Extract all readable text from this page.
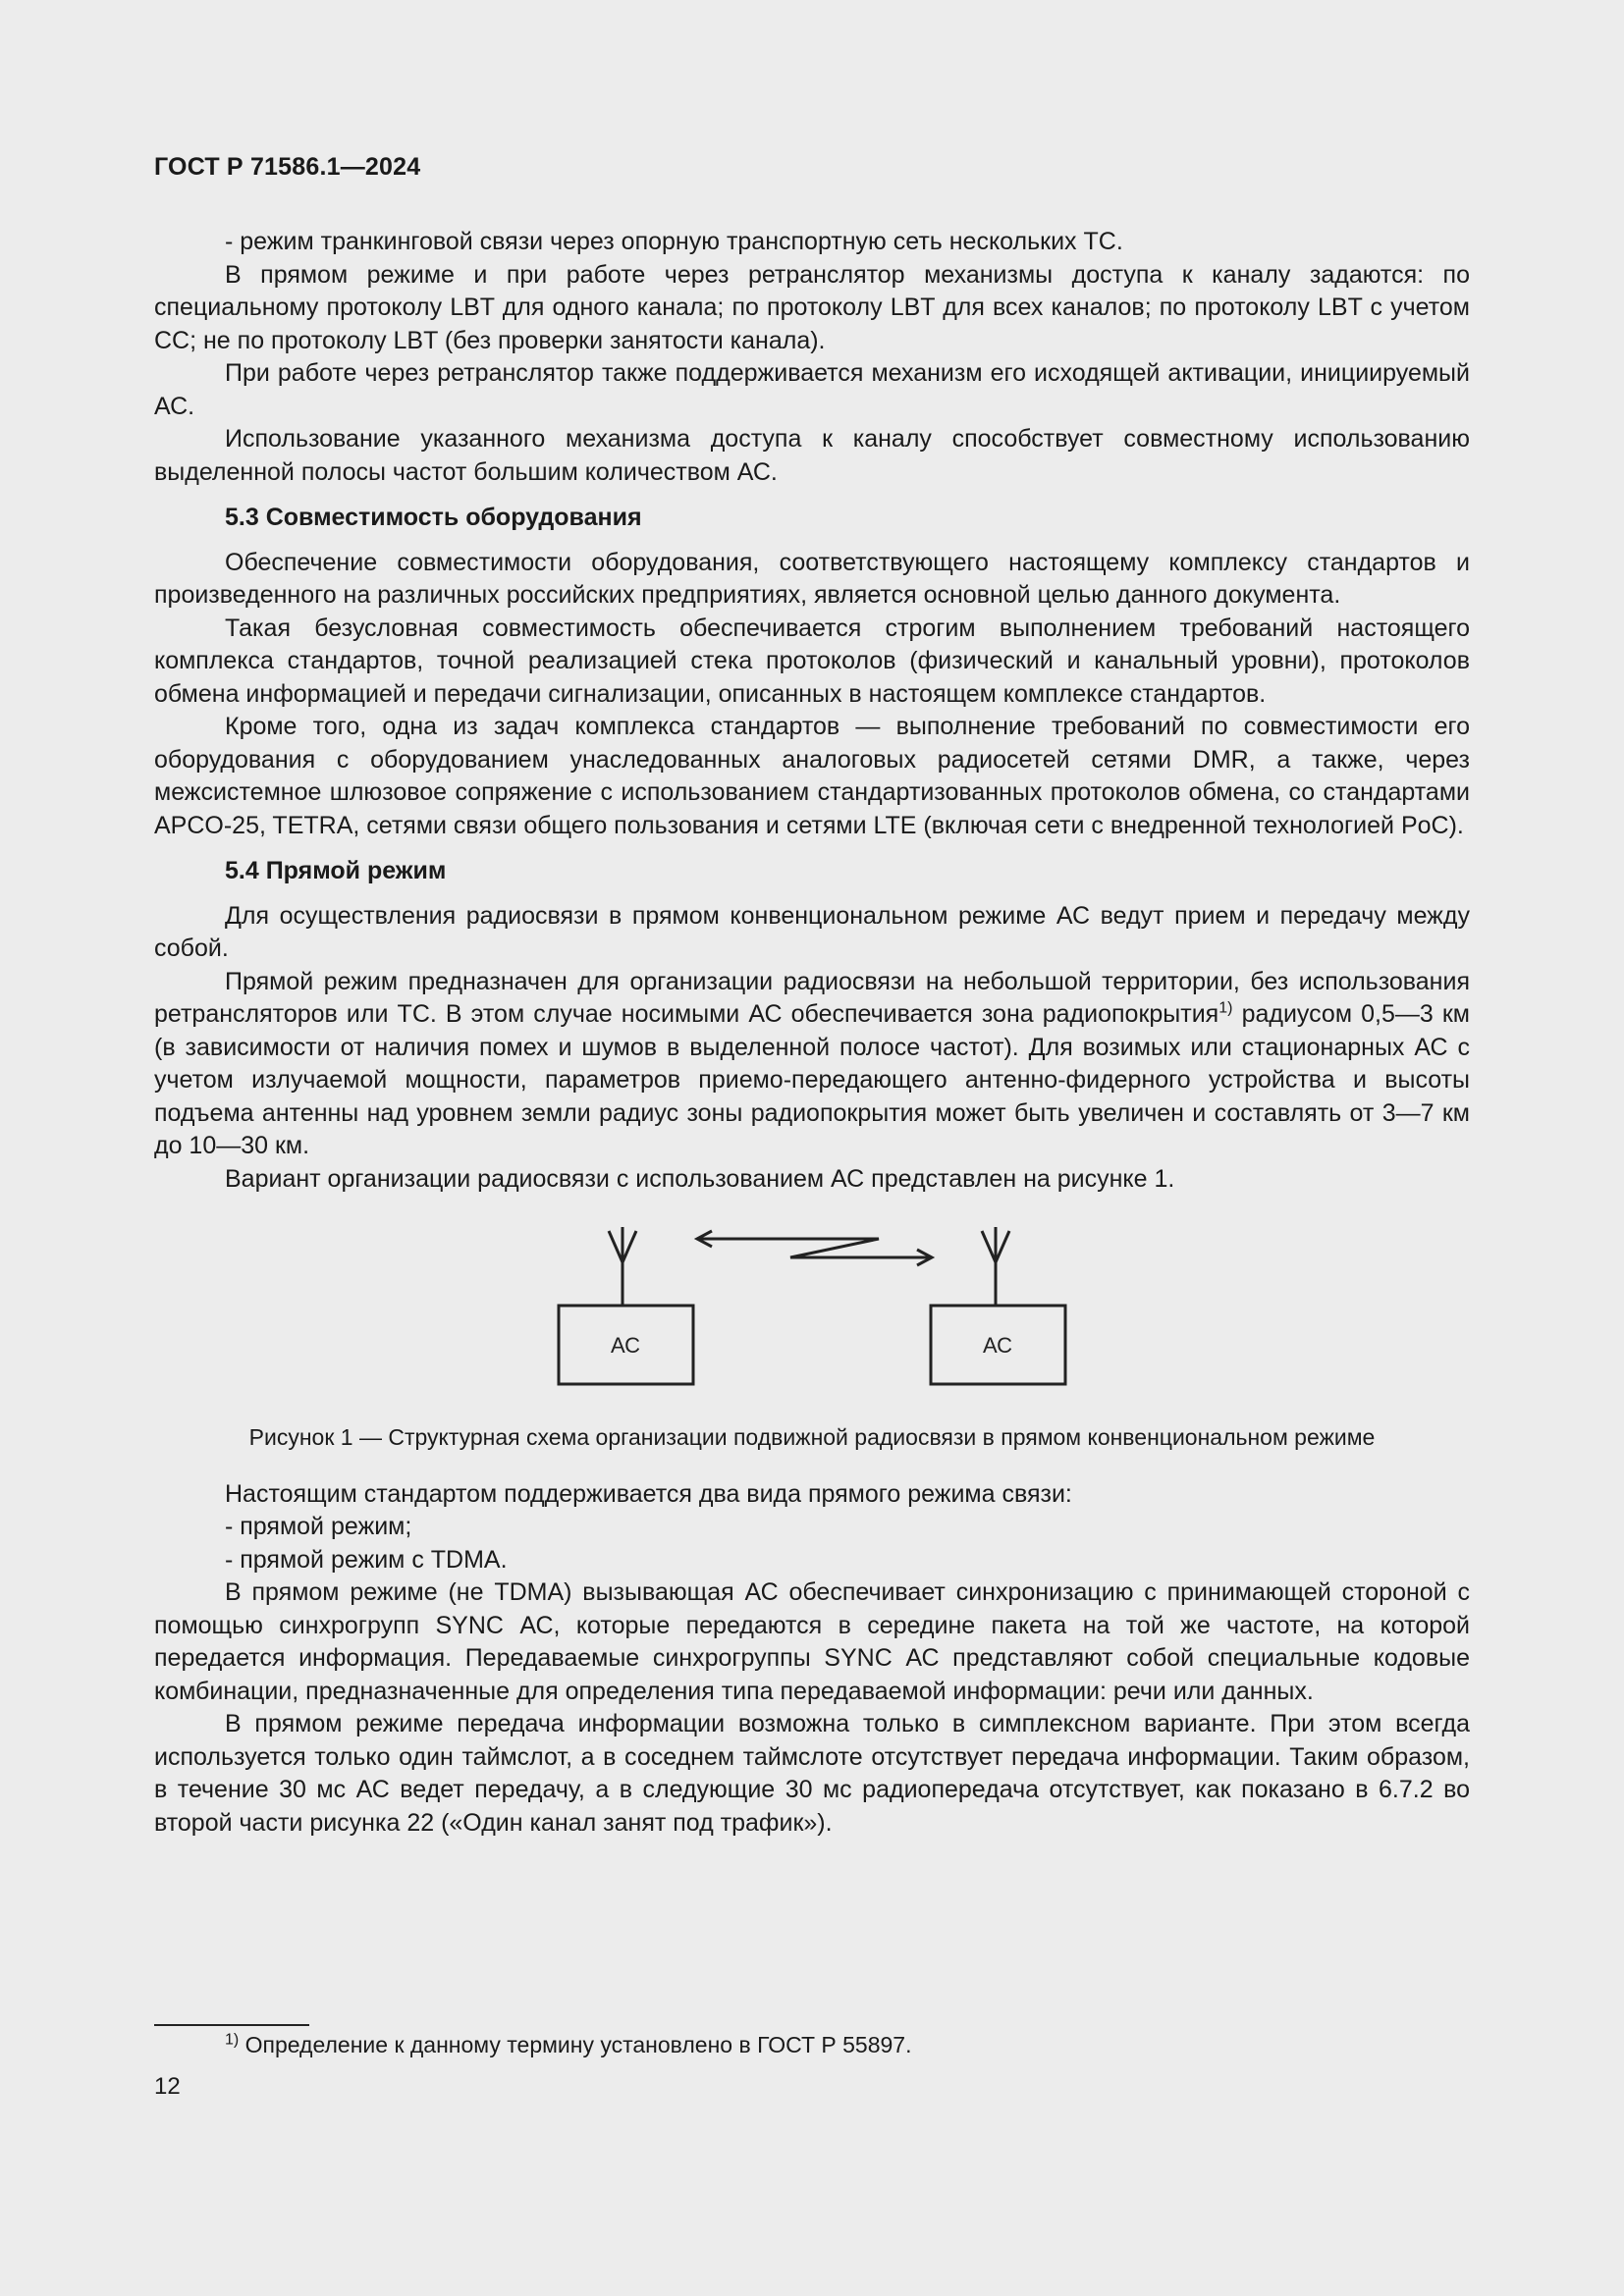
ГОСТ Р 71586.1—2024

- режим транкинговой связи через опорную транспортную сеть нескольких ТС.

В прямом режиме и при работе через ретранслятор механизмы доступа к каналу задаются: по специальному протоколу LBT для одного канала; по протоколу LBT для всех каналов; по протоколу LBT с учетом СС; не по протоколу LBT (без проверки занятости канала).

При работе через ретранслятор также поддерживается механизм его исходящей активации, инициируемый АС.

Использование указанного механизма доступа к каналу способствует совместному использованию выделенной полосы частот большим количеством АС.

5.3 Совместимость оборудования

Обеспечение совместимости оборудования, соответствующего настоящему комплексу стандартов и произведенного на различных российских предприятиях, является основной целью данного документа.

Такая безусловная совместимость обеспечивается строгим выполнением требований настоящего комплекса стандартов, точной реализацией стека протоколов (физический и канальный уровни), протоколов обмена информацией и передачи сигнализации, описанных в настоящем комплексе стандартов.

Кроме того, одна из задач комплекса стандартов — выполнение требований по совместимости его оборудования с оборудованием унаследованных аналоговых радиосетей сетями DMR, а также, через межсистемное шлюзовое сопряжение с использованием стандартизованных протоколов обмена, со стандартами APCO-25, TETRA, сетями связи общего пользования и сетями LTE (включая сети с внедренной технологией PoC).

5.4 Прямой режим

Для осуществления радиосвязи в прямом конвенциональном режиме АС ведут прием и передачу между собой.

Прямой режим предназначен для организации радиосвязи на небольшой территории, без использования ретрансляторов или ТС. В этом случае носимыми АС обеспечивается зона радиопокрытия$^{1)}$ радиусом 0,5—3 км (в зависимости от наличия помех и шумов в выделенной полосе частот). Для возимых или стационарных АС с учетом излучаемой мощности, параметров приемо-передающего антенно-фидерного устройства и высоты подъема антенны над уровнем земли радиус зоны радиопокрытия может быть увеличен и составлять от 3—7 км до 10—30 км.

Вариант организации радиосвязи с использованием АС представлен на рисунке 1.

АС	АС
Рисунок 1 — Структурная схема организации подвижной радиосвязи в прямом конвенциональном режиме

Настоящим стандартом поддерживается два вида прямого режима связи:

- прямой режим;

- прямой режим с TDMA.

В прямом режиме (не TDMA) вызывающая АС обеспечивает синхронизацию с принимающей стороной с помощью синхрогрупп SYNC АС, которые передаются в середине пакета на той же частоте, на которой передается информация. Передаваемые синхрогруппы SYNC АС представляют собой специальные кодовые комбинации, предназначенные для определения типа передаваемой информации: речи или данных.

В прямом режиме передача информации возможна только в симплексном варианте. При этом всегда используется только один таймслот, а в соседнем таймслоте отсутствует передача информации. Таким образом, в течение 30 мс АС ведет передачу, а в следующие 30 мс радиопередача отсутствует, как показано в 6.7.2 во второй части рисунка 22 («Один канал занят под трафик»).

$^{1)}$ Определение к данному термину установлено в ГОСТ Р 55897.
12
